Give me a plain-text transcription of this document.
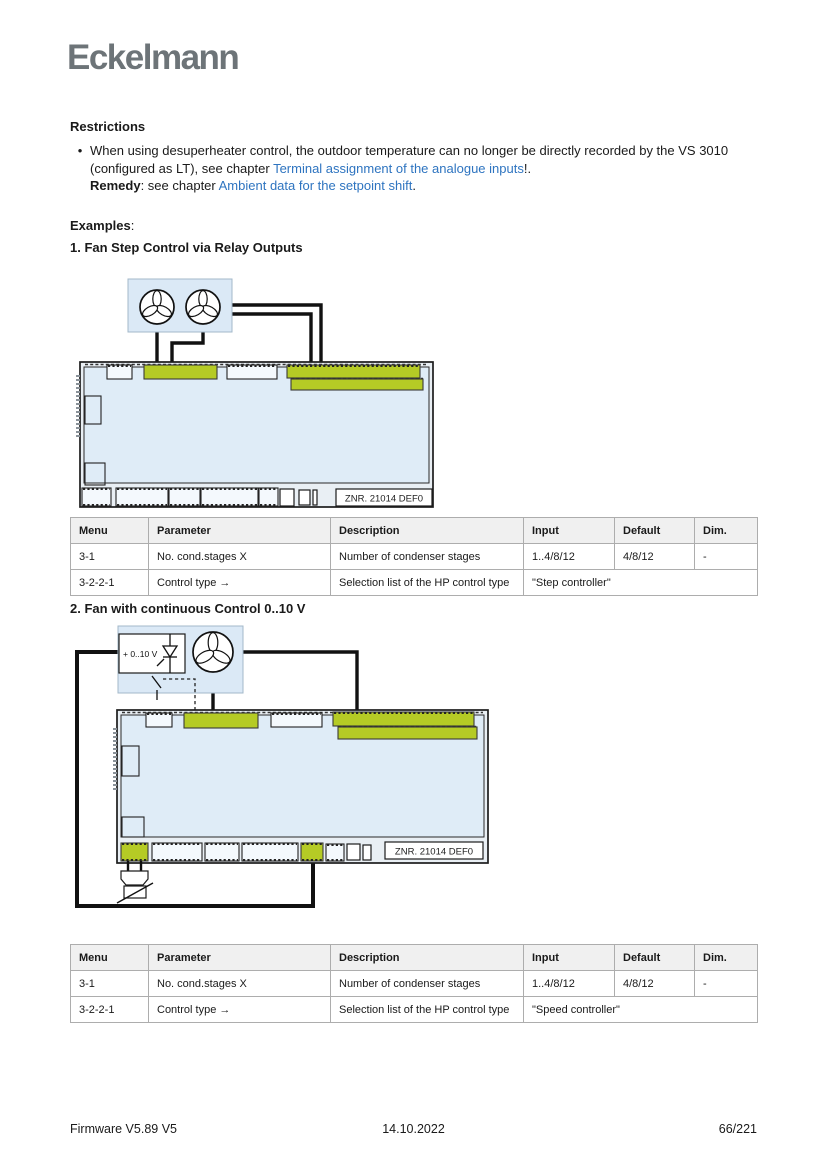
Eckelmann
Restrictions
• When using desuperheater control, the outdoor temperature can no longer be directly recorded by the VS 3010 (configured as LT), see chapter Terminal assignment of the analogue inputs!.
Remedy: see chapter Ambient data for the setpoint shift.
Examples:
1. Fan Step Control via Relay Outputs
ZNR. 21014 DEF0
Menu	Parameter	Description	Input	Default	Dim.
3-1	No. cond.stages X	Number of condenser stages	1..4/8/12	4/8/12	-
3-2-2-1	Control type →	Selection list of the HP control type	"Step controller"		
2. Fan with continuous Control 0..10 V
+ 0..10 V
ZNR. 21014 DEF0
Menu	Parameter	Description	Input	Default	Dim.
3-1	No. cond.stages X	Number of condenser stages	1..4/8/12	4/8/12	-
3-2-2-1	Control type →	Selection list of the HP control type	"Speed controller"		
Firmware V5.89 V5	14.10.2022	66/221
